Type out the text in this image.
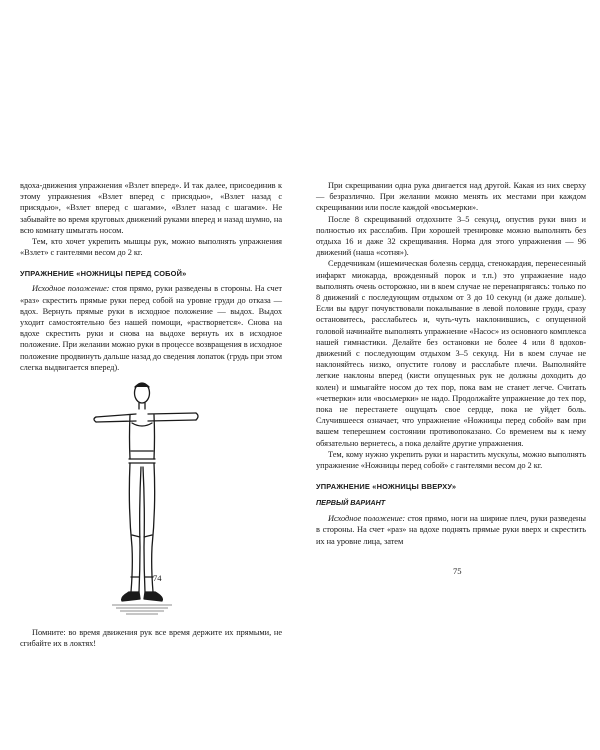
вдоха-движения упражнения «Взлет вперед». И так далее, присоединив к этому упражнения «Взлет вперед с присядью», «Взлет назад с присядью», «Взлет вперед с шагами», «Взлет назад с шагами». Не забывайте во время круговых движений руками вперед и назад шумно, на всю комнату шмыгать носом.

Тем, кто хочет укрепить мышцы рук, можно выполнять упражнения «Взлет» с гантелями весом до 2 кг.

УПРАЖНЕНИЕ «НОЖНИЦЫ ПЕРЕД СОБОЙ»

Исходное положение: стоя прямо, руки разведены в стороны. На счет «раз» скрестить прямые руки перед собой на уровне груди до отказа — вдох. Вернуть прямые руки в исходное положение — выдох. Выдох уходит самостоятельно без нашей помощи, «растворяется». Снова на вдохе скрестить руки и снова на выдохе вернуть их в исходное положение. При желании можно руки в процессе возвращения в исходное положение продвинуть дальше назад до сведения лопаток (грудь при этом слегка выдвигается вперед).

Помните: во время движения рук все время держите их прямыми, не сгибайте их в локтях!

74

При скрещивании одна рука двигается над другой. Какая из них сверху — безразлично. При желании можно менять их местами при каждом скрещивании или после каждой «восьмерки».

После 8 скрещиваний отдохните 3–5 секунд, опустив руки вниз и полностью их расслабив. При хорошей тренировке можно выполнять без отдыха 16 и даже 32 скрещивания. Норма для этого упражнения — 96 движений (наша «сотня»).

Сердечникам (ишемическая болезнь сердца, стенокардия, перенесенный инфаркт миокарда, врожденный порок и т.п.) это упражнение надо выполнять очень осторожно, ни в коем случае не перенапрягаясь: только по 8 движений с последующим отдыхом от 3 до 10 секунд (и даже дольше). Если вы вдруг почувствовали покалывание в левой половине груди, сразу остановитесь, расслабьтесь и, чуть-чуть наклонившись, с опущенной головой начинайте выполнять упражнение «Насос» из основного комплекса нашей гимнастики. Делайте без остановки не более 4 или 8 вдохов-движений с последующим отдыхом 3–5 секунд. Ни в коем случае не наклоняйтесь низко, опустите голову и расслабьте плечи. Выполняйте легкие наклоны вперед (кисти опущенных рук не должны доходить до колен) и шмыгайте носом до тех пор, пока вам не станет легче. Считать «четверки» или «восьмерки» не надо. Продолжайте упражнение до тех пор, пока не перестанете ощущать свое сердце, пока не уйдет боль. Случившееся означает, что упражнение «Ножницы перед собой» вам при вашем теперешнем состоянии противопоказано. Со временем вы к нему обязательно вернетесь, а пока делайте другие упражнения.

Тем, кому нужно укрепить руки и нарастить мускулы, можно выполнять упражнение «Ножницы перед собой» с гантелями весом до 2 кг.

УПРАЖНЕНИЕ «НОЖНИЦЫ ВВЕРХУ»
ПЕРВЫЙ ВАРИАНТ

Исходное положение: стоя прямо, ноги на ширине плеч, руки разведены в стороны. На счет «раз» на вдохе поднять прямые руки вверх и скрестить их на уровне лица, затем

75
